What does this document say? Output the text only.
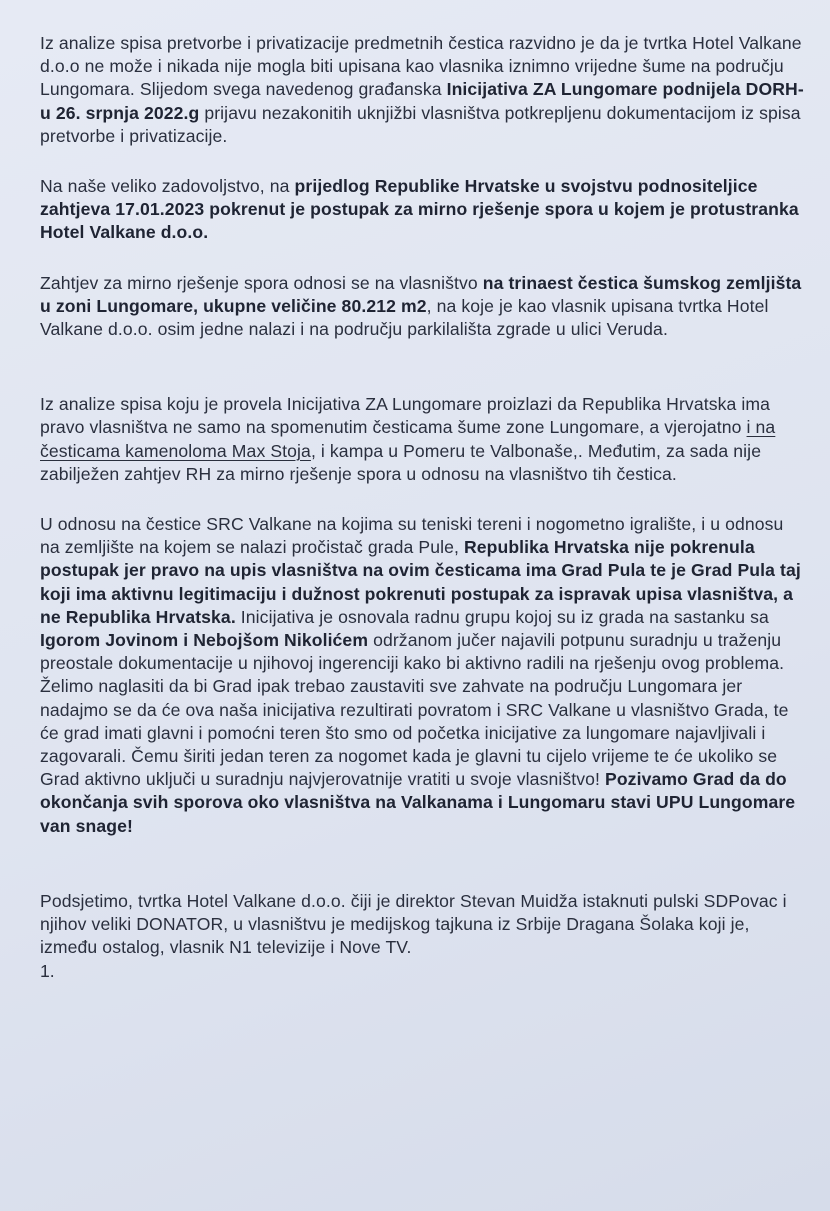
Iz analize spisa pretvorbe i privatizacije predmetnih čestica razvidno je da je tvrtka Hotel Valkane d.o.o ne može i nikada nije mogla biti upisana kao vlasnika iznimno vrijedne šume na području Lungomara. Slijedom svega navedenog građanska Inicijativa ZA Lungomare podnijela DORH-u 26. srpnja 2022.g prijavu nezakonitih uknjižbi vlasništva potkrepljenu dokumentacijom iz spisa pretvorbe i privatizacije.

Na naše veliko zadovoljstvo, na prijedlog Republike Hrvatske u svojstvu podnositeljice zahtjeva 17.01.2023 pokrenut je postupak za mirno rješenje spora u kojem je protustranka Hotel Valkane d.o.o.

Zahtjev za mirno rješenje spora odnosi se na vlasništvo na trinaest čestica šumskog zemljišta u zoni Lungomare, ukupne veličine 80.212 m2, na koje je kao vlasnik upisana tvrtka Hotel Valkane d.o.o. osim jedne nalazi i na području parkilališta zgrade u ulici Veruda.

Iz analize spisa koju je provela Inicijativa ZA Lungomare proizlazi da Republika Hrvatska ima pravo vlasništva ne samo na spomenutim česticama šume zone Lungomare, a vjerojatno i na česticama kamenoloma Max Stoja, i kampa u Pomeru te Valbonaše,. Međutim, za sada nije zabilježen zahtjev RH za mirno rješenje spora u odnosu na vlasništvo tih čestica.

U odnosu na čestice SRC Valkane na kojima su teniski tereni i nogometno igralište, i u odnosu na zemljište na kojem se nalazi pročistač grada Pule, Republika Hrvatska nije pokrenula postupak jer pravo na upis vlasništva na ovim česticama ima Grad Pula te je Grad Pula taj koji ima aktivnu legitimaciju i dužnost pokrenuti postupak za ispravak upisa vlasništva, a ne Republika Hrvatska. Inicijativa je osnovala radnu grupu kojoj su iz grada na sastanku sa Igorom Jovinom i Nebojšom Nikolićem održanom jučer najavili potpunu suradnju u traženju preostale dokumentacije u njihovoj ingerenciji kako bi aktivno radili na rješenju ovog problema. Želimo naglasiti da bi Grad ipak trebao zaustaviti sve zahvate na području Lungomara jer nadajmo se da će ova naša inicijativa rezultirati povratom i SRC Valkane u vlasništvo Grada, te će grad imati glavni i pomoćni teren što smo od početka inicijative za lungomare najavljivali i zagovarali. Čemu širiti jedan teren za nogomet kada je glavni tu cijelo vrijeme te će ukoliko se Grad aktivno uključi u suradnju najvjerovatnije vratiti u svoje vlasništvo! Pozivamo Grad da do okončanja svih sporova oko vlasništva na Valkanama i Lungomaru stavi UPU Lungomare van snage!

Podsjetimo, tvrtka Hotel Valkane d.o.o. čiji je direktor Stevan Muidža istaknuti pulski SDPovac i njihov veliki DONATOR, u vlasništvu je medijskog tajkuna iz Srbije Dragana Šolaka koji je, između ostalog, vlasnik N1 televizije i Nove TV.

1.
